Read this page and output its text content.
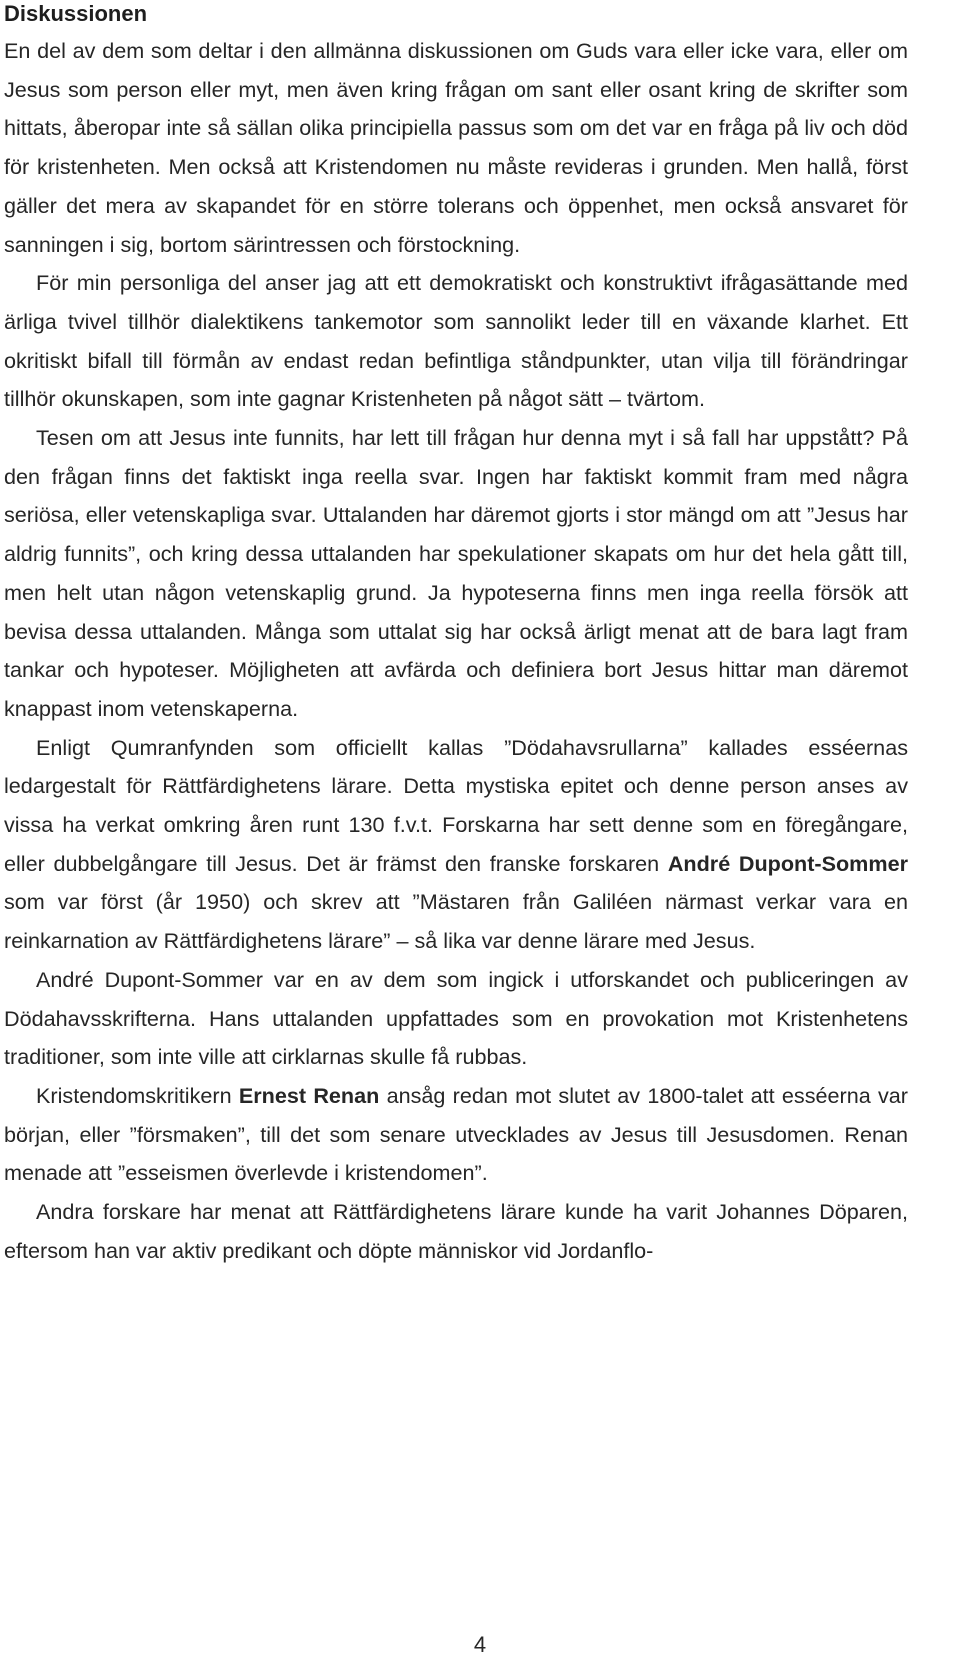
Diskussionen

En del av dem som deltar i den allmänna diskussionen om Guds vara eller icke vara, eller om Jesus som person eller myt, men även kring frågan om sant eller osant kring de skrifter som hittats, åberopar inte så sällan olika principiella passus som om det var en fråga på liv och död för kristenheten. Men också att Kristendomen nu måste revideras i grunden. Men hallå, först gäller det mera av skapandet för en större tolerans och öppenhet, men också ansvaret för sanningen i sig, bortom särintressen och förstockning.

För min personliga del anser jag att ett demokratiskt och konstruktivt ifrågasättande med ärliga tvivel tillhör dialektikens tankemotor som sannolikt leder till en växande klarhet. Ett okritiskt bifall till förmån av endast redan befintliga ståndpunkter, utan vilja till förändringar tillhör okunskapen, som inte gagnar Kristenheten på något sätt – tvärtom.

Tesen om att Jesus inte funnits, har lett till frågan hur denna myt i så fall har uppstått? På den frågan finns det faktiskt inga reella svar. Ingen har faktiskt kommit fram med några seriösa, eller vetenskapliga svar. Uttalanden har däremot gjorts i stor mängd om att ”Jesus har aldrig funnits”, och kring dessa uttalanden har spekulationer skapats om hur det hela gått till, men helt utan någon vetenskaplig grund. Ja hypoteserna finns men inga reella försök att bevisa dessa uttalanden. Många som uttalat sig har också ärligt menat att de bara lagt fram tankar och hypoteser. Möjligheten att avfärda och definiera bort Jesus hittar man däremot knappast inom vetenskaperna.

Enligt Qumranfynden som officiellt kallas ”Dödahavsrullarna” kallades esséernas ledargestalt för Rättfärdighetens lärare. Detta mystiska epitet och denne person anses av vissa ha verkat omkring åren runt 130 f.v.t. Forskarna har sett denne som en föregångare, eller dubbelgångare till Jesus. Det är främst den franske forskaren André Dupont-Sommer som var först (år 1950) och skrev att ”Mästaren från Galiléen närmast verkar vara en reinkarnation av Rättfärdighetens lärare” – så lika var denne lärare med Jesus.

André Dupont-Sommer var en av dem som ingick i utforskandet och publiceringen av Dödahavsskrifterna. Hans uttalanden uppfattades som en provokation mot Kristenhetens traditioner, som inte ville att cirklarnas skulle få rubbas.

Kristendomskritikern Ernest Renan ansåg redan mot slutet av 1800-talet att esséerna var början, eller ”försmaken”, till det som senare utvecklades av Jesus till Jesusdomen. Renan menade att ”esseismen överlevde i kristendomen”.

Andra forskare har menat att Rättfärdighetens lärare kunde ha varit Johannes Döparen, eftersom han var aktiv predikant och döpte människor vid Jordanflo-

4
